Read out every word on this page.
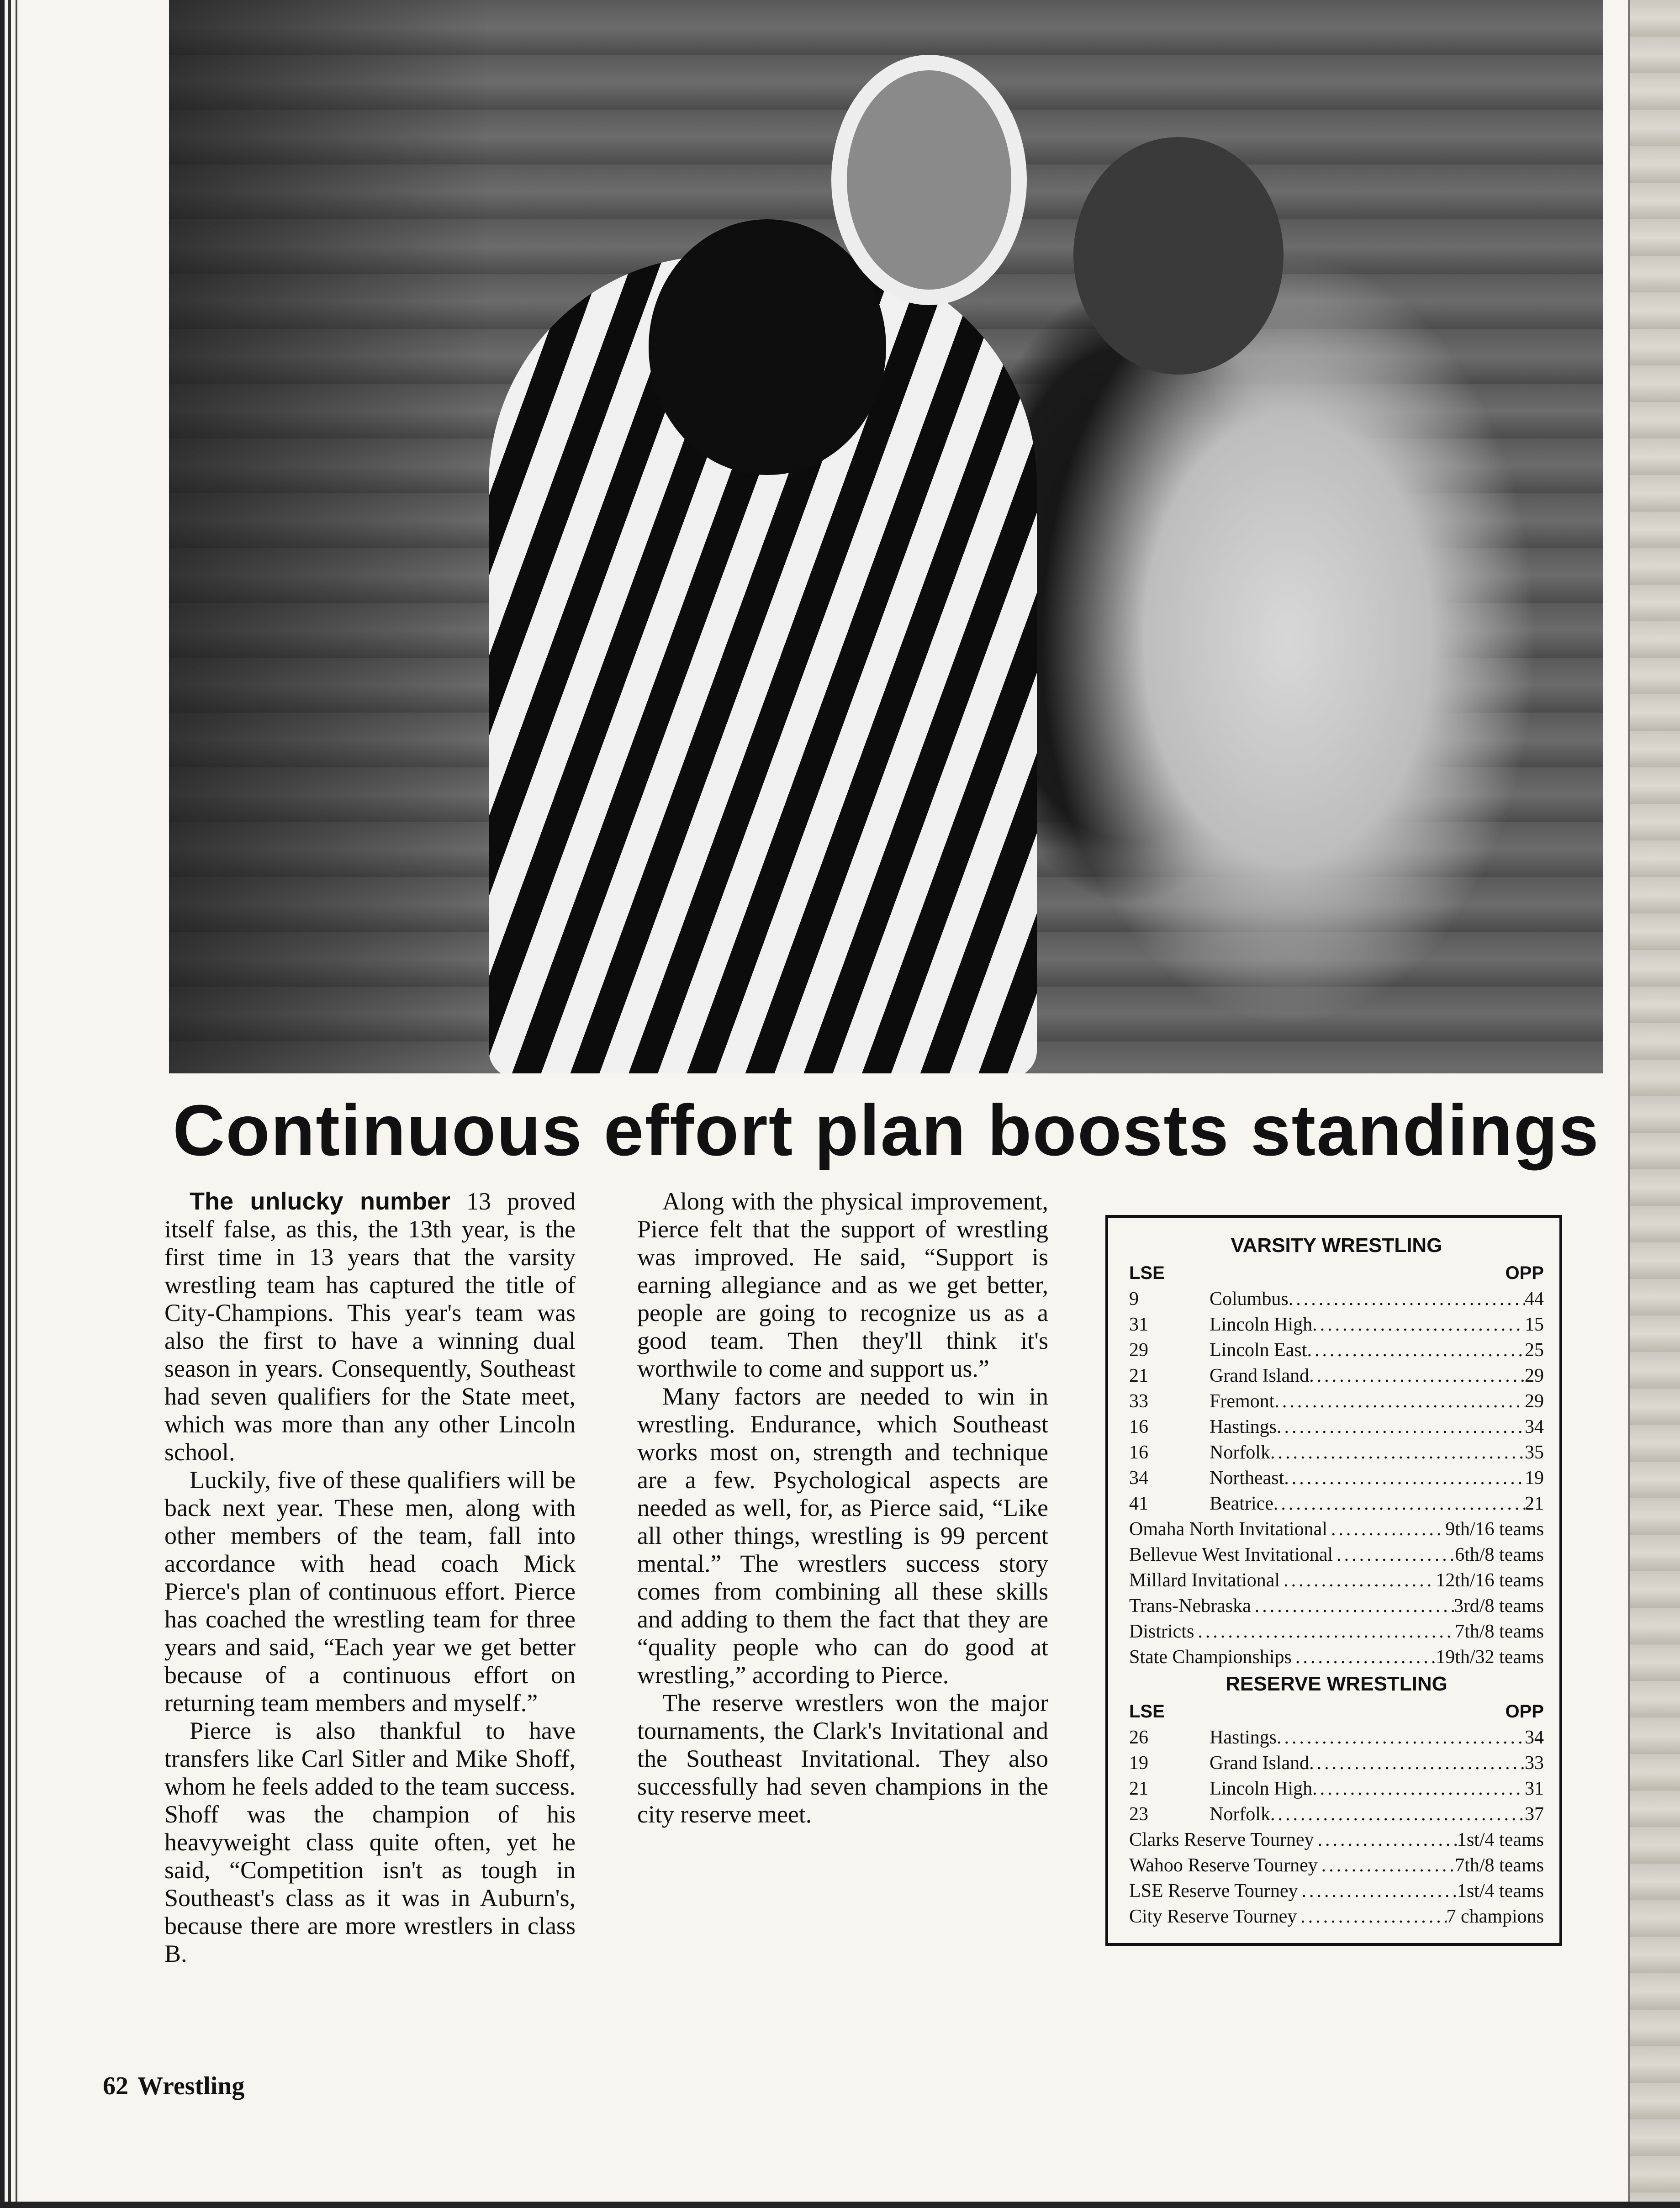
Continuous effort plan boosts standings

The unlucky number 13 proved itself false, as this, the 13th year, is the first time in 13 years that the varsity wrestling team has captured the title of City-Champions. This year's team was also the first to have a winning dual season in years. Consequently, Southeast had seven qualifiers for the State meet, which was more than any other Lincoln school.

Luckily, five of these qualifiers will be back next year. These men, along with other members of the team, fall into accordance with head coach Mick Pierce's plan of continuous effort. Pierce has coached the wrestling team for three years and said, “Each year we get better because of a continuous effort on returning team members and myself.”

Pierce is also thankful to have transfers like Carl Sitler and Mike Shoff, whom he feels added to the team success. Shoff was the champion of his heavyweight class quite often, yet he said, “Competition isn't as tough in Southeast's class as it was in Auburn's, because there are more wrestlers in class B.

Along with the physical improvement, Pierce felt that the support of wrestling was improved. He said, “Support is earning allegiance and as we get better, people are going to recognize us as a good team. Then they'll think it's worthwile to come and support us.”

Many factors are needed to win in wrestling. Endurance, which Southeast works most on, strength and technique are a few. Psychological aspects are needed as well, for, as Pierce said, “Like all other things, wrestling is 99 percent mental.” The wrestlers success story comes from combining all these skills and adding to them the fact that they are “quality people who can do good at wrestling,” according to Pierce.

The reserve wrestlers won the major tournaments, the Clark's Invitational and the Southeast Invitational. They also successfully had seven champions in the city reserve meet.

VARSITY WRESTLING
LSE	OPP
9	Columbus .....	44
31	Lincoln High .....	15
29	Lincoln East .....	25
21	Grand Island .....	29
33	Fremont .....	29
16	Hastings .....	34
16	Norfolk .....	35
34	Northeast .....	19
41	Beatrice .....	21
Omaha North Invitational .....	9th/16 teams
Bellevue West Invitational .....	6th/8 teams
Millard Invitational .....	12th/16 teams
Trans-Nebraska .....	3rd/8 teams
Districts .....	7th/8 teams
State Championships .....	19th/32 teams
RESERVE WRESTLING
LSE	OPP
26	Hastings .....	34
19	Grand Island .....	33
21	Lincoln High .....	31
23	Norfolk .....	37
Clarks Reserve Tourney .....	1st/4 teams
Wahoo Reserve Tourney .....	7th/8 teams
LSE Reserve Tourney .....	1st/4 teams
City Reserve Tourney .....	7 champions
62 Wrestling
